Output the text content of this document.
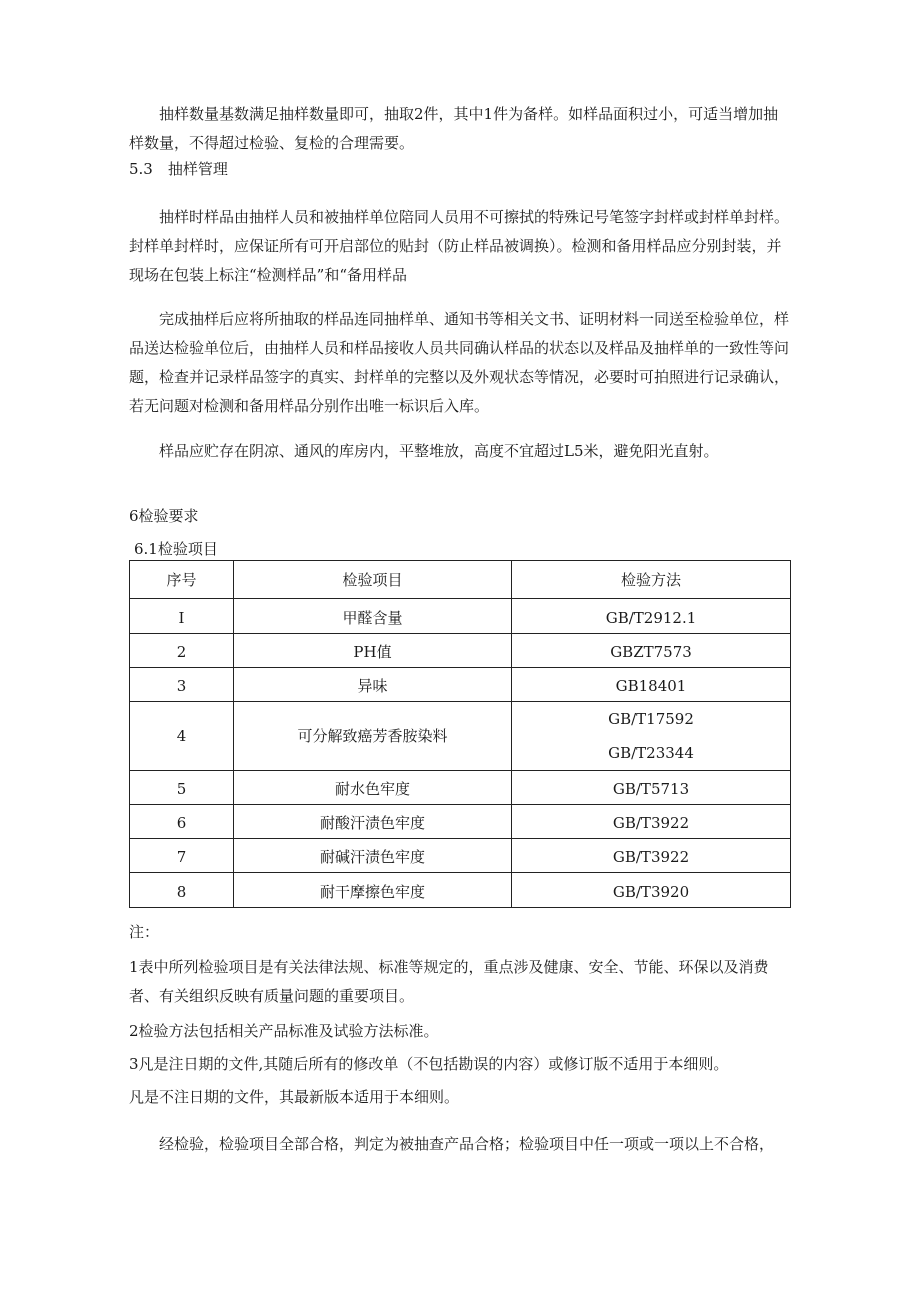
抽样数量基数满足抽样数量即可，抽取2件，其中1件为备样。如样品面积过小，可适当增加抽样数量，不得超过检验、复检的合理需要。

5.3　抽样管理

抽样时样品由抽样人员和被抽样单位陪同人员用不可擦拭的特殊记号笔签字封样或封样单封样。封样单封样时，应保证所有可开启部位的贴封（防止样品被调换）。检测和备用样品应分别封装，并现场在包装上标注“检测样品”和“备用样品

完成抽样后应将所抽取的样品连同抽样单、通知书等相关文书、证明材料一同送至检验单位，样品送达检验单位后，由抽样人员和样品接收人员共同确认样品的状态以及样品及抽样单的一致性等问题，检查并记录样品签字的真实、封样单的完整以及外观状态等情况，必要时可拍照进行记录确认，若无问题对检测和备用样品分别作出唯一标识后入库。

样品应贮存在阴凉、通风的库房内，平整堆放，高度不宜超过L5米，避免阳光直射。

6检验要求

6.1检验项目

序号	检验项目	检验方法
I	甲醛含量	GB/T2912.1
2	PH值	GBZT7573
3	异味	GB18401
4	可分解致癌芳香胺染料	GB/T17592
GB/T23344

5	耐水色牢度	GB/T5713
6	耐酸汗渍色牢度	GB/T3922
7	耐碱汗渍色牢度	GB/T3922
8	耐干摩擦色牢度	GB/T3920

注：

1表中所列检验项目是有关法律法规、标准等规定的，重点涉及健康、安全、节能、环保以及消费者、有关组织反映有质量问题的重要项目。

2检验方法包括相关产品标准及试验方法标准。

3凡是注日期的文件,其随后所有的修改单（不包括勘误的内容）或修订版不适用于本细则。

凡是不注日期的文件，其最新版本适用于本细则。

经检验，检验项目全部合格，判定为被抽查产品合格；检验项目中任一项或一项以上不合格，
